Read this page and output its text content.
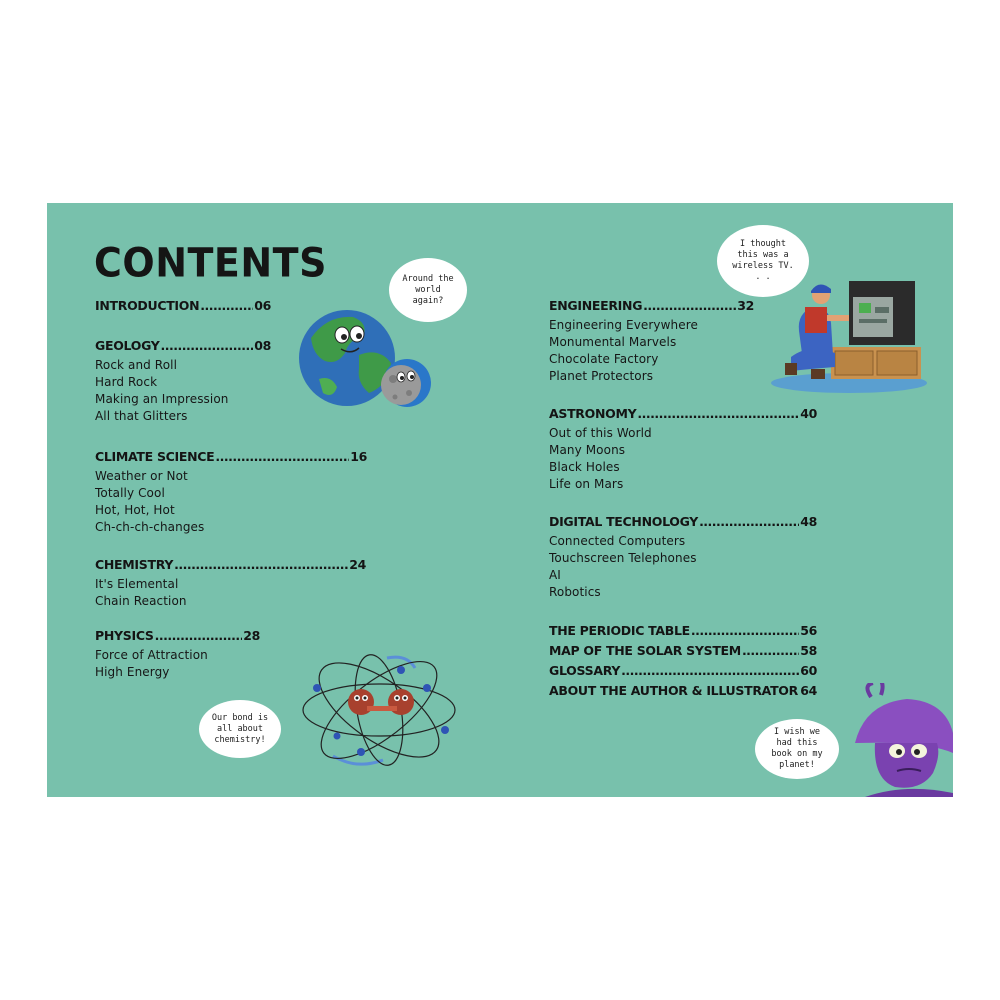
CONTENTS
INTRODUCTION .....	06
GEOLOGY .....	08
Rock and Roll
Hard Rock
Making an Impression
All that Glitters
CLIMATE SCIENCE .....	16
Weather or Not
Totally Cool
Hot, Hot, Hot
Ch-ch-ch-changes
CHEMISTRY .....	24
It's Elemental
Chain Reaction
PHYSICS .....	28
Force of Attraction
High Energy
ENGINEERING .....	32
Engineering Everywhere
Monumental Marvels
Chocolate Factory
Planet Protectors
ASTRONOMY .....	40
Out of this World
Many Moons
Black Holes
Life on Mars
DIGITAL TECHNOLOGY .....	48
Connected Computers
Touchscreen Telephones
AI
Robotics
THE PERIODIC TABLE .....	56
MAP OF THE SOLAR SYSTEM .....	58
GLOSSARY .....	60
ABOUT THE AUTHOR & ILLUSTRATOR ..... 64
Around the world again?
I thought this was a wireless TV. . .
Our bond is all about chemistry!
I wish we had this book on my planet!
